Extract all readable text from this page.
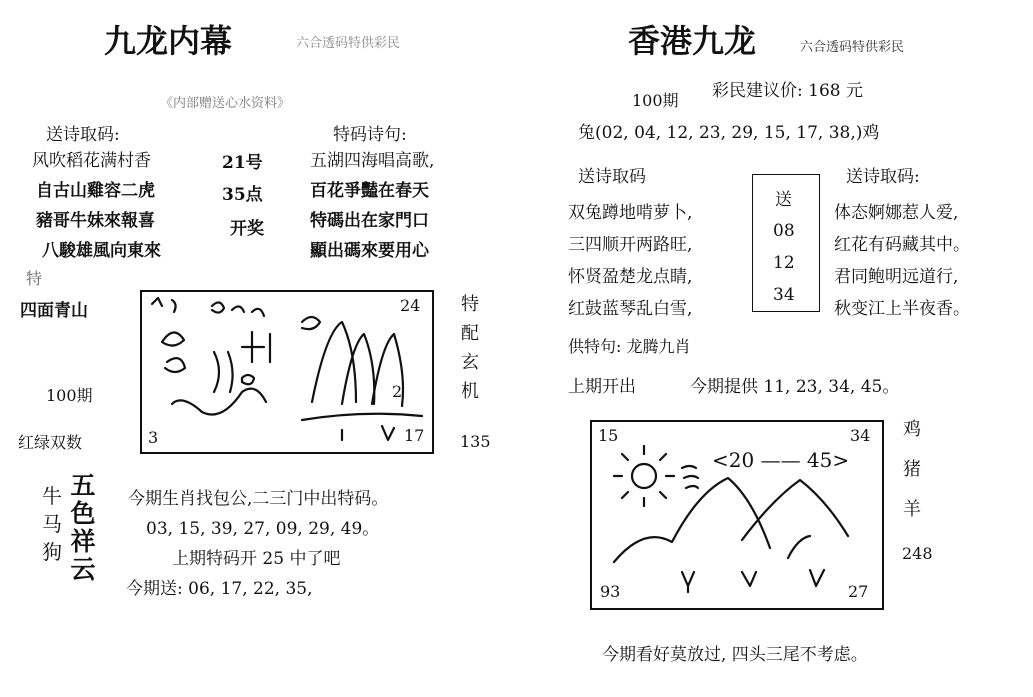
九龙内幕	六合透码特供彩民
《内部赠送心水资料》
送诗取码:	特码诗句:
风吹稻花满村香
自古山雞容二虎
豬哥牛妹來報喜
八駿雄風向東來
21号
35点
开奖
五湖四海唱高歌,
百花爭豔在春天
特碼出在家門口
顯出碼來要用心
特
四面青山
100期
红绿双数
24
3	17
2
特
配
玄
机
135
牛
马
狗
五
色
祥
云
今期生肖找包公,二三门中出特码。
03, 15, 39, 27, 09, 29, 49。
上期特码开 25 中了吧
今期送: 06, 17, 22, 35,
香港九龙	六合透码特供彩民
100期 彩民建议价: 168 元
兔(02, 04, 12, 23, 29, 15, 17, 38,)鸡
送诗取码	送诗取码:
双兔蹲地啃萝卜,
三四顺开两路旺,
怀贤盈楚龙点睛,
红鼓蓝琴乱白雪,
送
08
12
34
体态婀娜惹人爱,
红花有码藏其中。
君同鲍明远道行,
秋变江上半夜香。
供特句: 龙腾九肖
上期开出	今期提供 11, 23, 34, 45。
15	34
<20 —— 45>
93	27
鸡
猪
羊
248
今期看好莫放过, 四头三尾不考虑。
